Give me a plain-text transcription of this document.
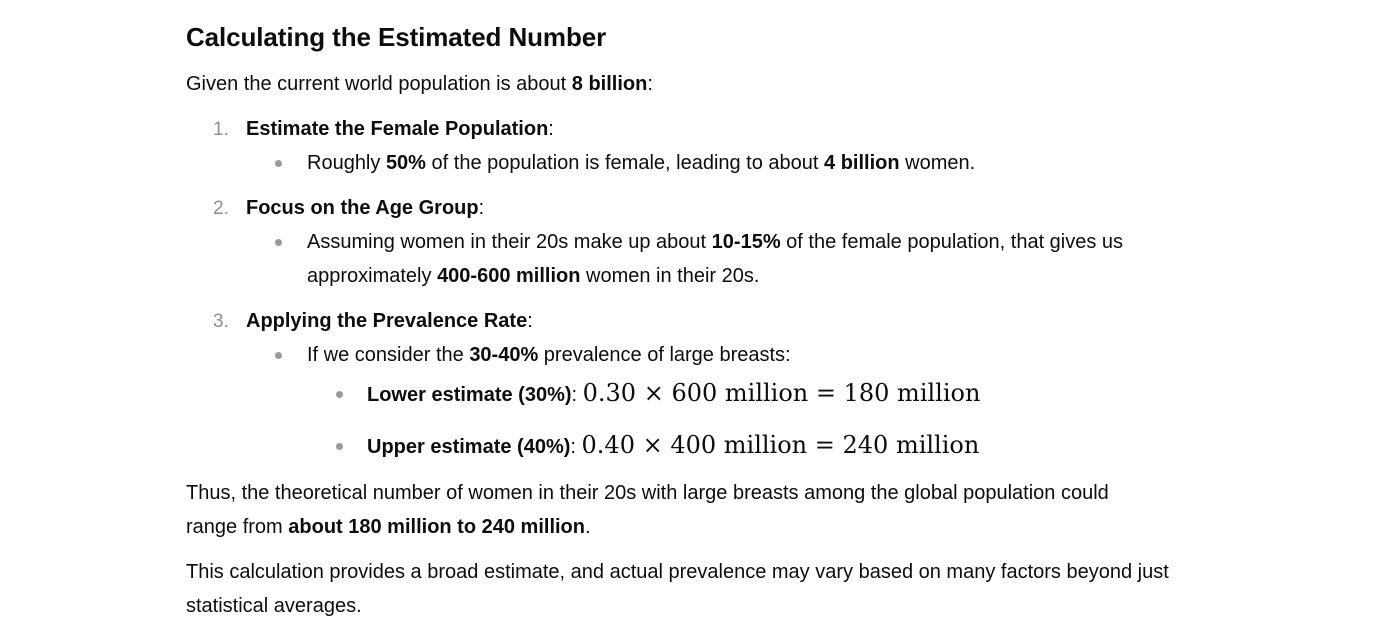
Calculating the Estimated Number

Given the current world population is about 8 billion:

1. Estimate the Female Population:

Roughly 50% of the population is female, leading to about 4 billion women.

2. Focus on the Age Group:

Assuming women in their 20s make up about 10-15% of the female population, that gives us

approximately 400-600 million women in their 20s.

3. Applying the Prevalence Rate:

If we consider the 30-40% prevalence of large breasts:

Lower estimate (30%): 0.30 × 600 million = 180 million

Upper estimate (40%): 0.40 × 400 million = 240 million

Thus, the theoretical number of women in their 20s with large breasts among the global population could

range from about 180 million to 240 million.

This calculation provides a broad estimate, and actual prevalence may vary based on many factors beyond just

statistical averages.
